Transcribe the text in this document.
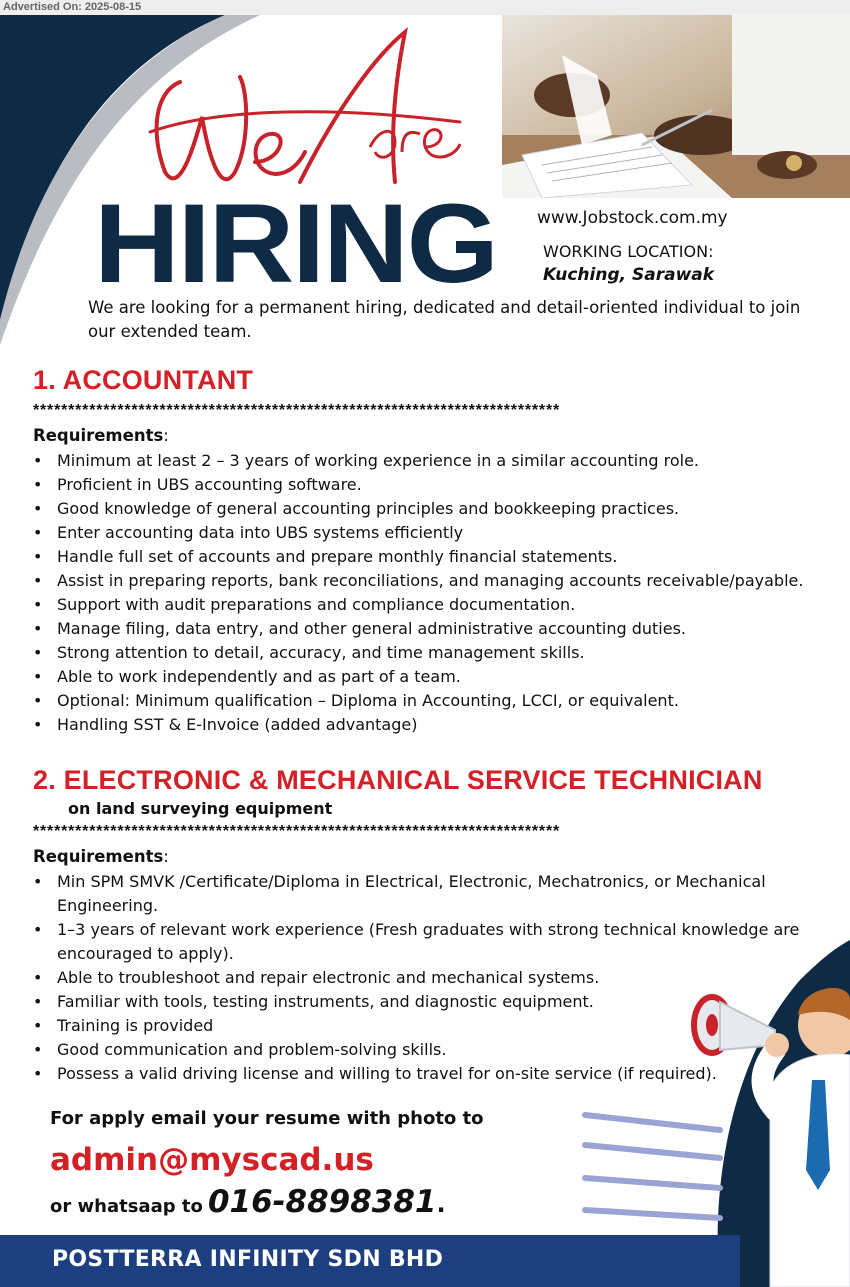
Advertised On: 2025-08-15
HIRING www.Jobstock.com.my
WORKING LOCATION:
Kuching, Sarawak
We are looking for a permanent hiring, dedicated and detail-oriented individual to join our extended team.
1. ACCOUNTANT
***************************************************************************
Requirements:
• Minimum at least 2 – 3 years of working experience in a similar accounting role.
• Proficient in UBS accounting software.
• Good knowledge of general accounting principles and bookkeeping practices.
• Enter accounting data into UBS systems efficiently
• Handle full set of accounts and prepare monthly financial statements.
• Assist in preparing reports, bank reconciliations, and managing accounts receivable/payable.
• Support with audit preparations and compliance documentation.
• Manage filing, data entry, and other general administrative accounting duties.
• Strong attention to detail, accuracy, and time management skills.
• Able to work independently and as part of a team.
• Optional: Minimum qualification – Diploma in Accounting, LCCI, or equivalent.
• Handling SST & E-Invoice (added advantage)
2. ELECTRONIC & MECHANICAL SERVICE TECHNICIAN
on land surveying equipment
***************************************************************************
Requirements:
• Min SPM SMVK /Certificate/Diploma in Electrical, Electronic, Mechatronics, or Mechanical Engineering.
• 1–3 years of relevant work experience (Fresh graduates with strong technical knowledge are encouraged to apply).
• Able to troubleshoot and repair electronic and mechanical systems.
• Familiar with tools, testing instruments, and diagnostic equipment.
• Training is provided
• Good communication and problem-solving skills.
• Possess a valid driving license and willing to travel for on-site service (if required).
For apply email your resume with photo to
admin@myscad.us
or whatsaap to 016-8898381.
POSTTERRA INFINITY SDN BHD
